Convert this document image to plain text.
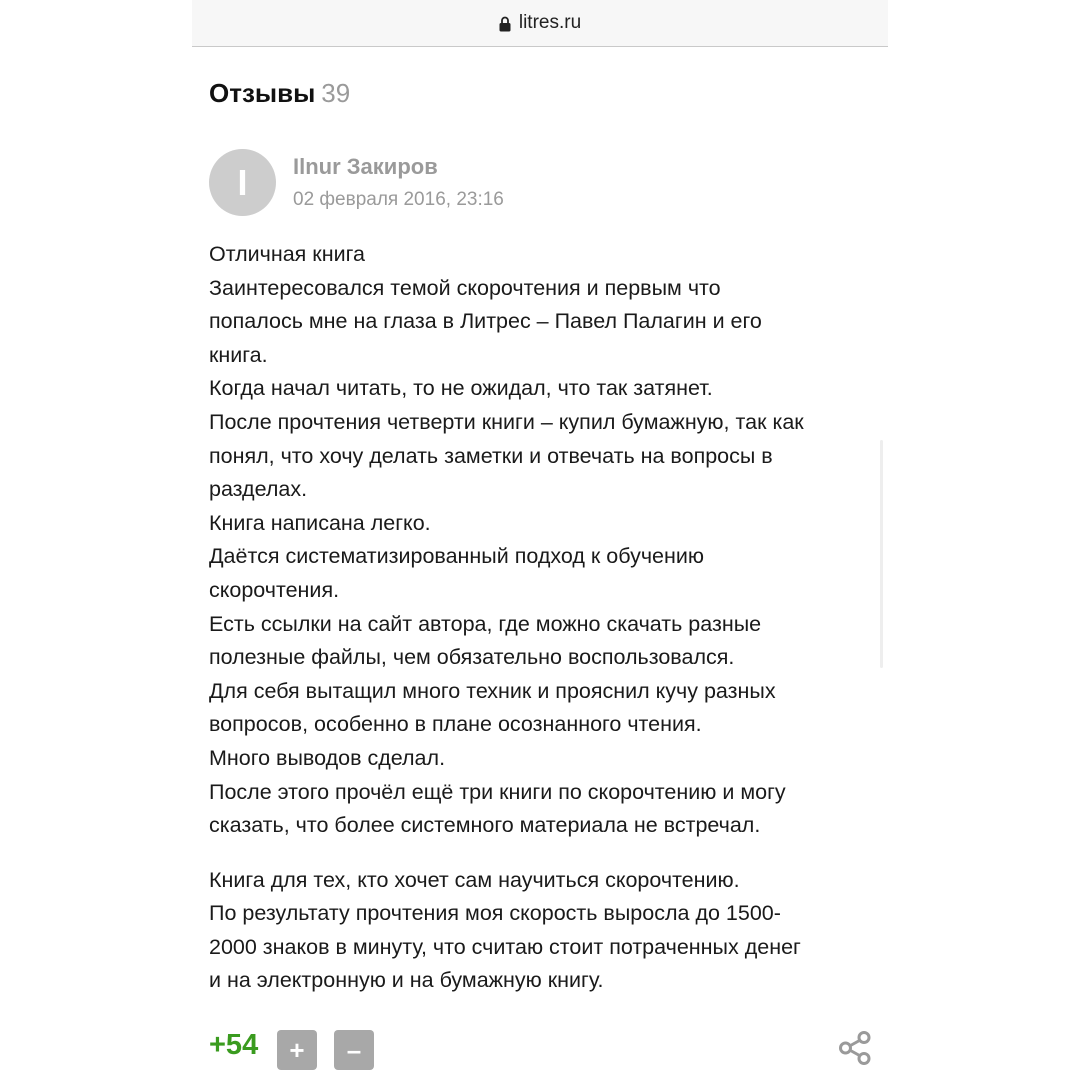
litres.ru
Отзывы 39
I Ilnur Закиров
02 февраля 2016, 23:16
Отличная книга
Заинтересовался темой скорочтения и первым что
попалось мне на глаза в Литрес – Павел Палагин и его
книга.
Когда начал читать, то не ожидал, что так затянет.
После прочтения четверти книги – купил бумажную, так как
понял, что хочу делать заметки и отвечать на вопросы в
разделах.
Книга написана легко.
Даётся систематизированный подход к обучению
скорочтения.
Есть ссылки на сайт автора, где можно скачать разные
полезные файлы, чем обязательно воспользовался.
Для себя вытащил много техник и прояснил кучу разных
вопросов, особенно в плане осознанного чтения.
Много выводов сделал.
После этого прочёл ещё три книги по скорочтению и могу
сказать, что более системного материала не встречал.
Книга для тех, кто хочет сам научиться скорочтению.
По результату прочтения моя скорость выросла до 1500-
2000 знаков в минуту, что считаю стоит потраченных денег
и на электронную и на бумажную книгу.
+54 + –
